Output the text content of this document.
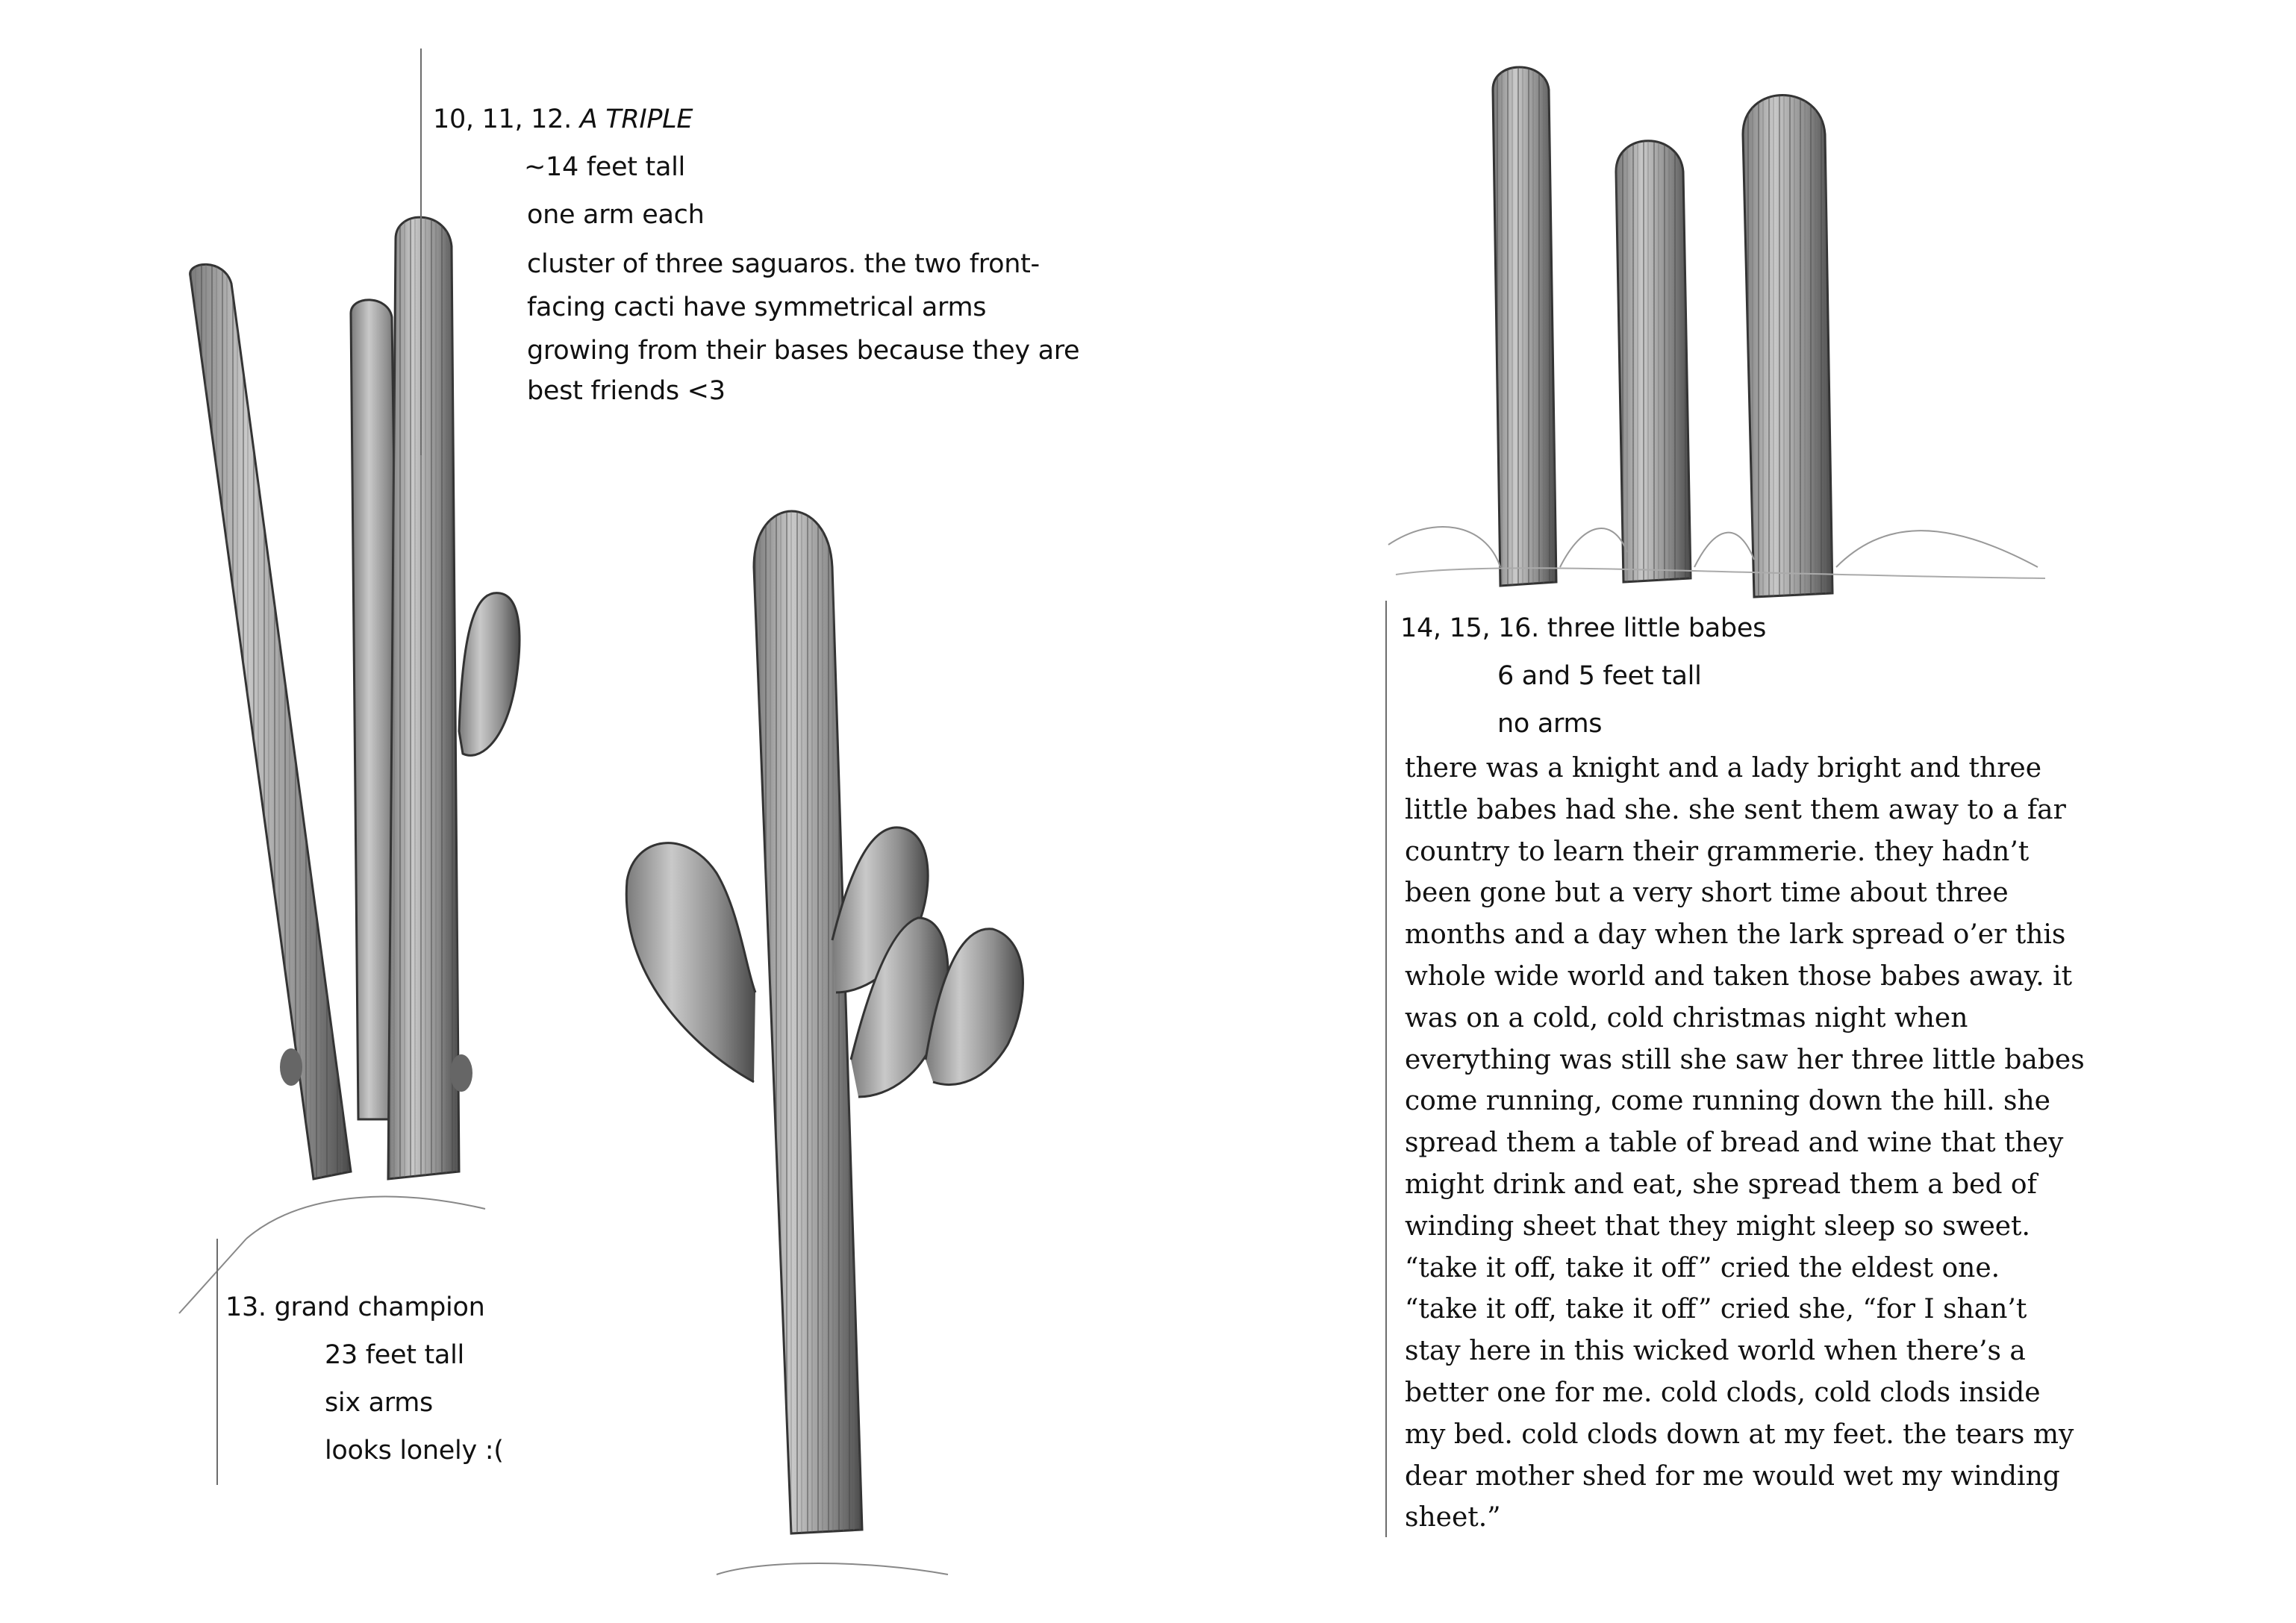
10, 11, 12. A TRIPLE
~14 feet tall
one arm each
cluster of three saguaros. the two front-
facing cacti have symmetrical arms
growing from their bases because they are
best friends <3
13. grand champion
23 feet tall
six arms
looks lonely :(
14, 15, 16. three little babes
6 and 5 feet tall
no arms
there was a knight and a lady bright and three
little babes had she. she sent them away to a far
country to learn their grammerie. they hadn’t
been gone but a very short time about three
months and a day when the lark spread o’er this
whole wide world and taken those babes away. it
was on a cold, cold christmas night when
everything was still she saw her three little babes
come running, come running down the hill. she
spread them a table of bread and wine that they
might drink and eat, she spread them a bed of
winding sheet that they might sleep so sweet.
“take it off, take it off” cried the eldest one.
“take it off, take it off” cried she, “for I shan’t
stay here in this wicked world when there’s a
better one for me. cold clods, cold clods inside
my bed. cold clods down at my feet. the tears my
dear mother shed for me would wet my winding
sheet.”
